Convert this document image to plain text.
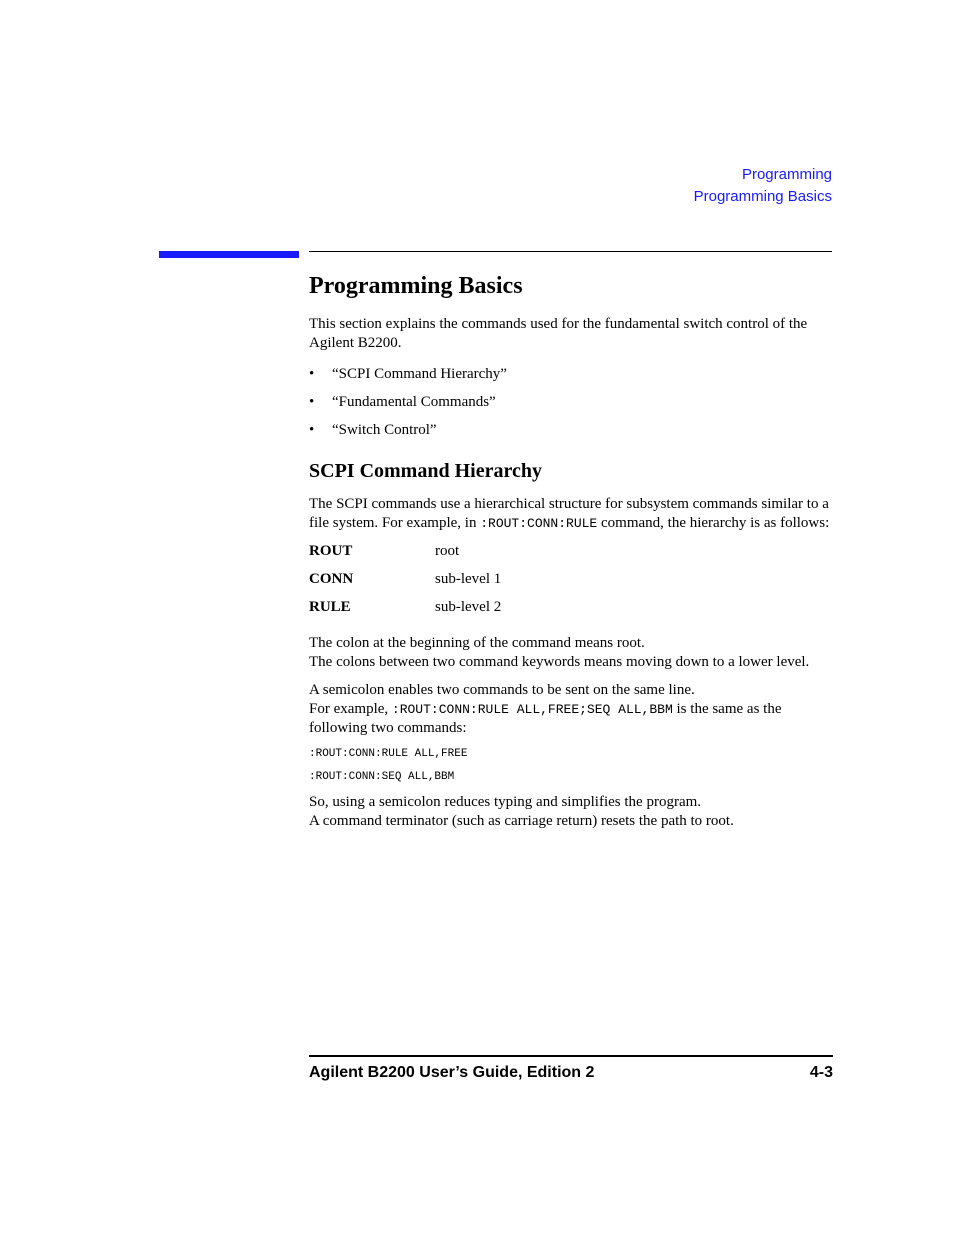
Programming
Programming Basics
Programming Basics

This section explains the commands used for the fundamental switch control of the Agilent B2200.

•	“SCPI Command Hierarchy”
•	“Fundamental Commands”
•	“Switch Control”
SCPI Command Hierarchy

The SCPI commands use a hierarchical structure for subsystem commands similar to a file system. For example, in :ROUT:CONN:RULE command, the hierarchy is as follows:

ROUT	root
CONN	sub-level 1
RULE	sub-level 2

The colon at the beginning of the command means root.
The colons between two command keywords means moving down to a lower level.

A semicolon enables two commands to be sent on the same line.
For example, :ROUT:CONN:RULE ALL,FREE;SEQ ALL,BBM is the same as the following two commands:

:ROUT:CONN:RULE ALL,FREE
:ROUT:CONN:SEQ ALL,BBM

So, using a semicolon reduces typing and simplifies the program.
A command terminator (such as carriage return) resets the path to root.

Agilent B2200 User’s Guide, Edition 2	4-3
